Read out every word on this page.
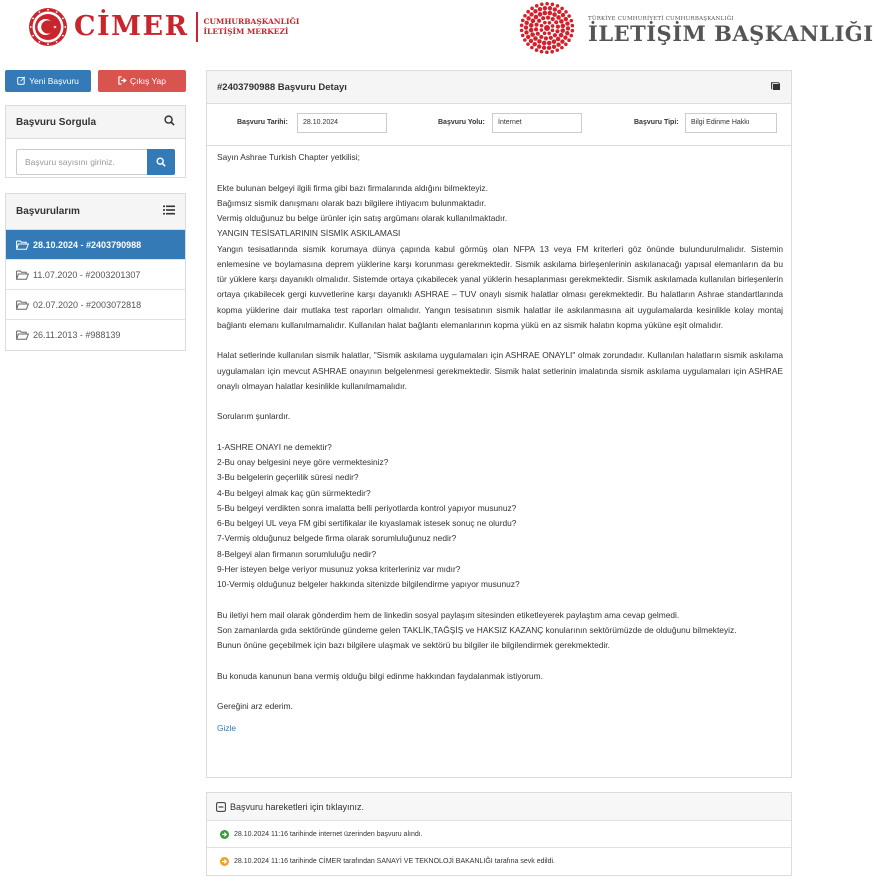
CİMER CUMHURBAŞKANLIĞI
İLETİŞİM MERKEZİ
TÜRKİYE CUMHURİYETİ CUMHURBAŞKANLIĞI
İLETİŞİM BAŞKANLIĞI
Yeni Başvuru	Çıkış Yap
Başvuru Sorgula
Başvuru sayısını giriniz.
Başvurularım
28.10.2024 - #2403790988
11.07.2020 - #2003201307
02.07.2020 - #2003072818
26.11.2013 - #988139
#2403790988 Başvuru Detayı
Başvuru Tarihi:	28.10.2024	Başvuru Yolu:	İnternet	Başvuru Tipi:	Bilgi Edinme Hakkı

Sayın Ashrae Turkish Chapter yetkilisi;

Ekte bulunan belgeyi ilgili firma gibi bazı firmalarında aldığını bilmekteyiz.

Bağımsız sismik danışmanı olarak bazı bilgilere ihtiyacım bulunmaktadır.

Vermiş olduğunuz bu belge ürünler için satış argümanı olarak kullanılmaktadır.

YANGIN TESİSATLARININ SİSMİK ASKILAMASI

Yangın tesisatlarında sismik korumaya dünya çapında kabul görmüş olan NFPA 13 veya FM kriterleri göz önünde bulundurulmalıdır. Sistemin enlemesine ve boylamasına deprem yüklerine karşı korunması gerekmektedir. Sismik askılama birleşenlerinin askılanacağı yapısal elemanların da bu tür yüklere karşı dayanıklı olmalıdır. Sistemde ortaya çıkabilecek yanal yüklerin hesaplanması gerekmektedir. Sismik askılamada kullanılan birleşenlerin ortaya çıkabilecek gergi kuvvetlerine karşı dayanıklı ASHRAE – TUV onaylı sismik halatlar olması gerekmektedir. Bu halatların Ashrae standartlarında kopma yüklerine dair mutlaka test raporları olmalıdır. Yangın tesisatının sismik halatlar ile askılanmasına ait uygulamalarda kesinlikle kolay montaj bağlantı elemanı kullanılmamalıdır. Kullanılan halat bağlantı elemanlarının kopma yükü en az sismik halatın kopma yüküne eşit olmalıdır.

Halat setlerinde kullanılan sismik halatlar, "Sismik askılama uygulamaları için ASHRAE ONAYLI" olmak zorundadır. Kullanılan halatların sismik askılama uygulamaları için mevcut ASHRAE onayının belgelenmesi gerekmektedir. Sismik halat setlerinin imalatında sismik askılama uygulamaları için ASHRAE onaylı olmayan halatlar kesinlikle kullanılmamalıdır.

Sorularım şunlardır.

1-ASHRE ONAYI ne demektir?

2-Bu onay belgesini neye göre vermektesiniz?

3-Bu belgelerin geçerlilik süresi nedir?

4-Bu belgeyi almak kaç gün sürmektedir?

5-Bu belgeyi verdikten sonra imalatta belli periyotlarda kontrol yapıyor musunuz?

6-Bu belgeyi UL veya FM gibi sertifikalar ile kıyaslamak istesek sonuç ne olurdu?

7-Vermiş olduğunuz belgede firma olarak sorumluluğunuz nedir?

8-Belgeyi alan firmanın sorumluluğu nedir?

9-Her isteyen belge veriyor musunuz yoksa kriterleriniz var mıdır?

10-Vermiş olduğunuz belgeler hakkında sitenizde bilgilendirme yapıyor musunuz?

Bu iletiyi hem mail olarak gönderdim hem de linkedin sosyal paylaşım sitesinden etiketleyerek paylaştım ama cevap gelmedi.

Son zamanlarda gıda sektöründe gündeme gelen TAKLİK,TAĞŞİŞ ve HAKSIZ KAZANÇ konularının sektörümüzde de olduğunu bilmekteyiz.

Bunun önüne geçebilmek için bazı bilgilere ulaşmak ve sektörü bu bilgiler ile bilgilendirmek gerekmektedir.

Bu konuda kanunun bana vermiş olduğu bilgi edinme hakkından faydalanmak istiyorum.

Gereğini arz ederim.

Gizle

Başvuru hareketleri için tıklayınız.
28.10.2024 11:16 tarihinde internet üzerinden başvuru alındı.
28.10.2024 11:16 tarihinde CİMER tarafından SANAYİ VE TEKNOLOJİ BAKANLIĞI tarafına sevk edildi.
